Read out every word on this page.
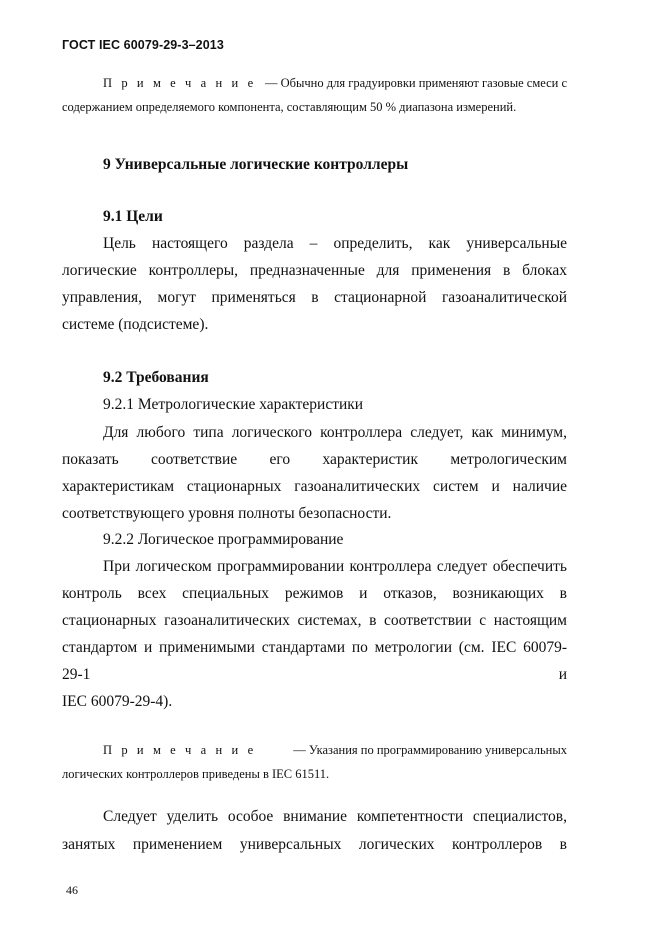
ГОСТ IEC 60079-29-3–2013
П р и м е ч а н и е — Обычно для градуировки применяют газовые смеси с
содержанием определяемого компонента, составляющим 50 % диапазона измерений.
9 Универсальные логические контроллеры
9.1 Цели
Цель настоящего раздела – определить, как универсальные
логические контроллеры, предназначенные для применения в блоках
управления, могут применяться в стационарной газоаналитической
системе (подсистеме).
9.2 Требования
9.2.1 Метрологические характеристики
Для любого типа логического контроллера следует, как минимум,
показать соответствие его характеристик метрологическим
характеристикам стационарных газоаналитических систем и наличие
соответствующего уровня полноты безопасности.
9.2.2 Логическое программирование
При логическом программировании контроллера следует обеспечить
контроль всех специальных режимов и отказов, возникающих в
стационарных газоаналитических системах, в соответствии с настоящим
стандартом и применимыми стандартами по метрологии (см. IEC 60079-
29-1	и
IEC 60079-29-4).
П р и м е ч а н и е	— Указания по программированию универсальных
логических контроллеров приведены в IEC 61511.
Следует уделить особое внимание компетентности специалистов,
занятых применением универсальных логических контроллеров в
46
